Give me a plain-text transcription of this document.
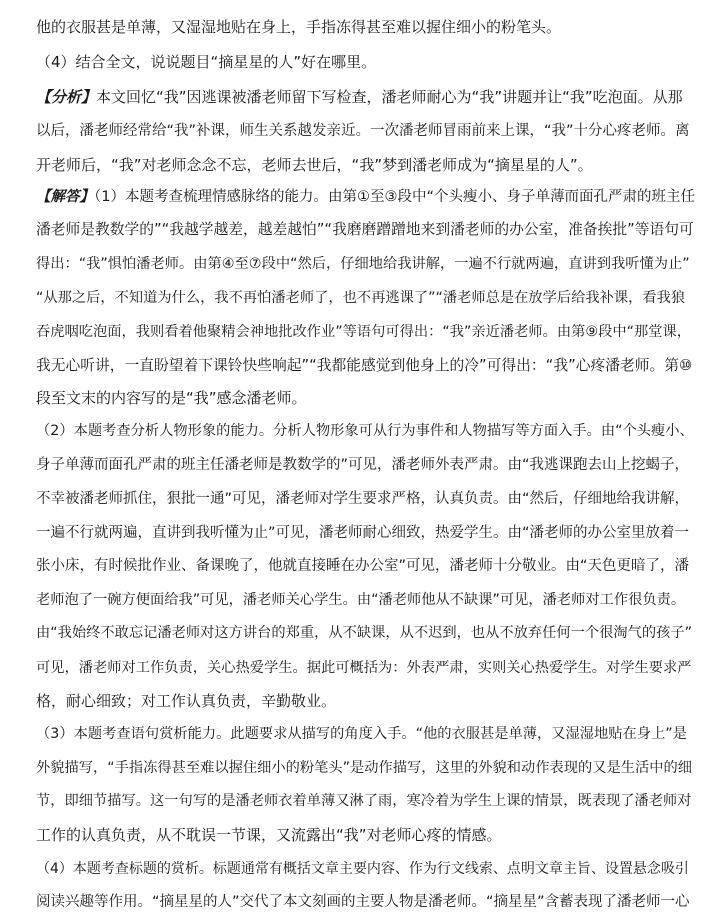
他的衣服甚是单薄，又湿湿地贴在身上，手指冻得甚至难以握住细小的粉笔头。
（4）结合全文，说说题目“摘星星的人”好在哪里。
【分析】本文回忆“我”因逃课被潘老师留下写检查，潘老师耐心为“我”讲题并让“我”吃泡面。从那
以后，潘老师经常给“我”补课，师生关系越发亲近。一次潘老师冒雨前来上课，“我”十分心疼老师。离
开老师后，“我”对老师念念不忘，老师去世后，“我”梦到潘老师成为“摘星星的人”。
【解答】（1）本题考查梳理情感脉络的能力。由第①至③段中“个头瘦小、身子单薄而面孔严肃的班主任
潘老师是教数学的”“我越学越差，越差越怕”“我磨磨蹭蹭地来到潘老师的办公室，准备挨批”等语句可
得出：“我”惧怕潘老师。由第④至⑦段中“然后，仔细地给我讲解，一遍不行就两遍，直讲到我听懂为止”
“从那之后，不知道为什么，我不再怕潘老师了，也不再逃课了”“潘老师总是在放学后给我补课，看我狼
吞虎咽吃泡面，我则看着他聚精会神地批改作业”等语句可得出：“我”亲近潘老师。由第⑨段中“那堂课，
我无心听讲，一直盼望着下课铃快些响起”“我都能感觉到他身上的冷”可得出：“我”心疼潘老师。第⑩
段至文末的内容写的是“我”感念潘老师。
（2）本题考查分析人物形象的能力。分析人物形象可从行为事件和人物描写等方面入手。由“个头瘦小、
身子单薄而面孔严肃的班主任潘老师是教数学的”可见，潘老师外表严肃。由“我逃课跑去山上挖蝎子，
不幸被潘老师抓住，狠批一通”可见，潘老师对学生要求严格，认真负责。由“然后，仔细地给我讲解，
一遍不行就两遍，直讲到我听懂为止”可见，潘老师耐心细致，热爱学生。由“潘老师的办公室里放着一
张小床，有时候批作业、备课晚了，他就直接睡在办公室”可见，潘老师十分敬业。由“天色更暗了，潘
老师泡了一碗方便面给我”可见，潘老师关心学生。由“潘老师他从不缺课”可见，潘老师对工作很负责。
由“我始终不敢忘记潘老师对这方讲台的郑重，从不缺课，从不迟到，也从不放弃任何一个很淘气的孩子”
可见，潘老师对工作负责，关心热爱学生。据此可概括为：外表严肃，实则关心热爱学生。对学生要求严
格，耐心细致；对工作认真负责，辛勤敬业。
（3）本题考查语句赏析能力。此题要求从描写的角度入手。“他的衣服甚是单薄，又湿湿地贴在身上”是
外貌描写，“手指冻得甚至难以握住细小的粉笔头”是动作描写，这里的外貌和动作表现的又是生活中的细
节，即细节描写。这一句写的是潘老师衣着单薄又淋了雨，寒冷着为学生上课的情景，既表现了潘老师对
工作的认真负责，从不耽误一节课，又流露出“我”对老师心疼的情感。
（4）本题考查标题的赏析。标题通常有概括文章主要内容、作为行文线索、点明文章主旨、设置悬念吸引
阅读兴趣等作用。“摘星星的人”交代了本文刻画的主要人物是潘老师。“摘星星”含蓄表现了潘老师一心
